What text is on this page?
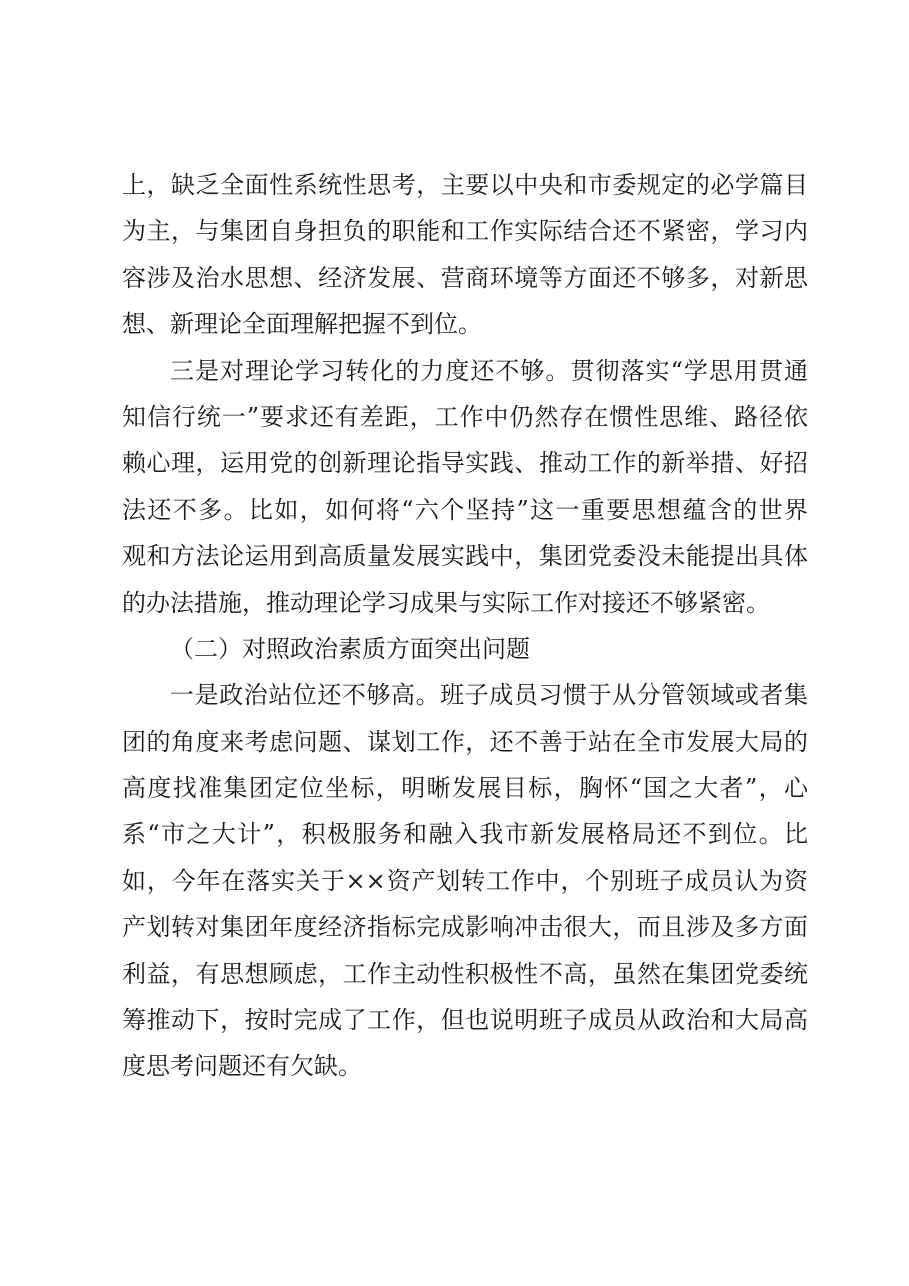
上，缺乏全面性系统性思考，主要以中央和市委规定的必学篇目
为主，与集团自身担负的职能和工作实际结合还不紧密，学习内
容涉及治水思想、经济发展、营商环境等方面还不够多，对新思
想、新理论全面理解把握不到位。
三是对理论学习转化的力度还不够。贯彻落实“学思用贯通
知信行统一”要求还有差距，工作中仍然存在惯性思维、路径依
赖心理，运用党的创新理论指导实践、推动工作的新举措、好招
法还不多。比如，如何将“六个坚持”这一重要思想蕴含的世界
观和方法论运用到高质量发展实践中，集团党委没未能提出具体
的办法措施，推动理论学习成果与实际工作对接还不够紧密。
（二）对照政治素质方面突出问题
一是政治站位还不够高。班子成员习惯于从分管领域或者集
团的角度来考虑问题、谋划工作，还不善于站在全市发展大局的
高度找准集团定位坐标，明晰发展目标，胸怀“国之大者”，心
系“市之大计”，积极服务和融入我市新发展格局还不到位。比
如，今年在落实关于××资产划转工作中，个别班子成员认为资
产划转对集团年度经济指标完成影响冲击很大，而且涉及多方面
利益，有思想顾虑，工作主动性积极性不高，虽然在集团党委统
筹推动下，按时完成了工作，但也说明班子成员从政治和大局高
度思考问题还有欠缺。
